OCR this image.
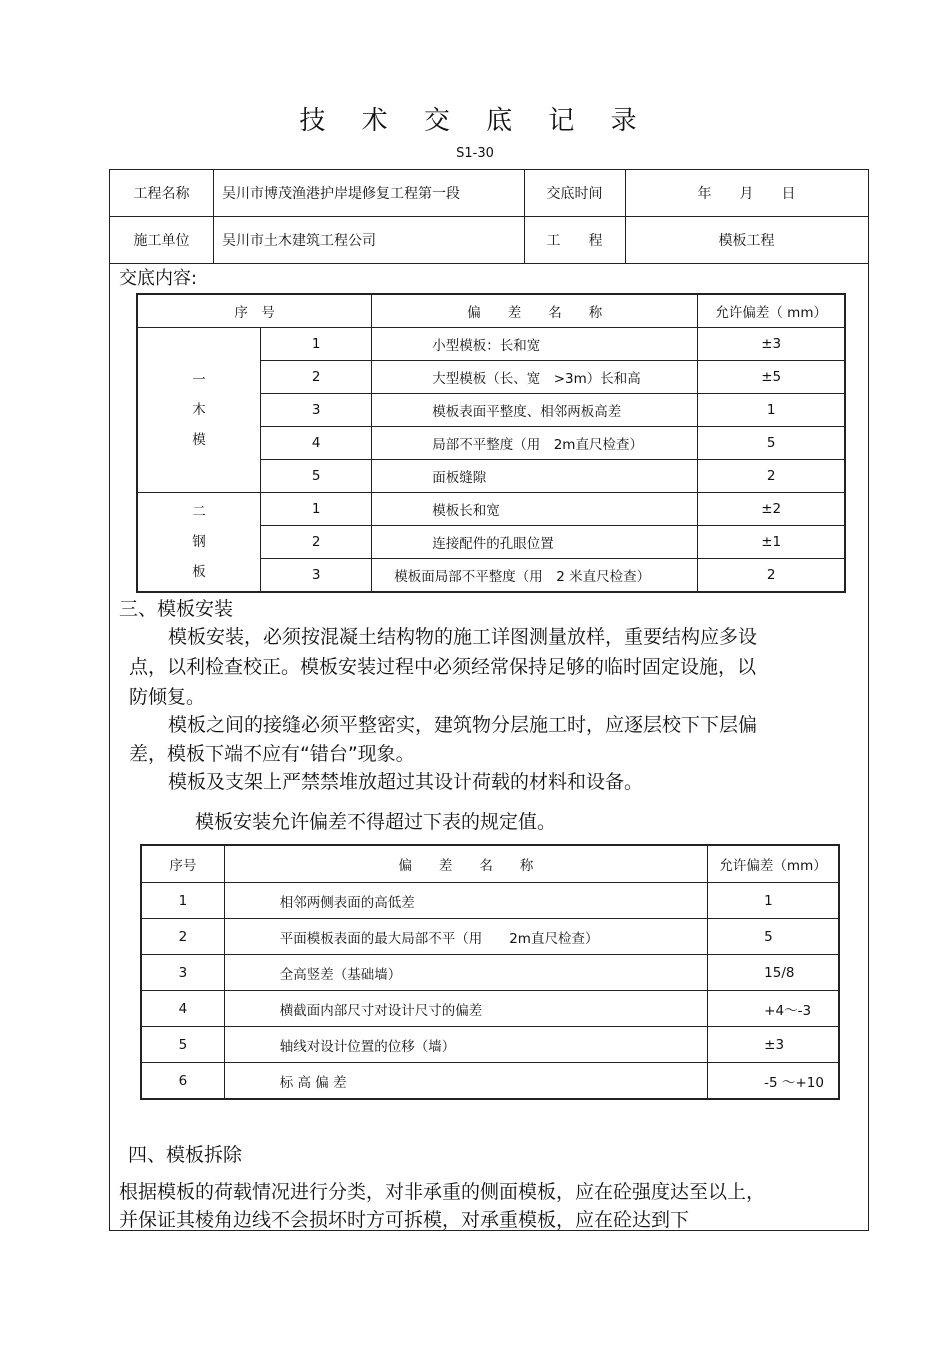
技 术 交 底 记 录
S1-30
工程名称	吴川市博茂渔港护岸堤修复工程第一段	交底时间	年　　月　　日
施工单位	吴川市土木建筑工程公司	工　　程	模板工程
交底内容:
序　号		偏　　差　　名　　称	允许偏差（ mm）

一
木
模	1	小型模板：长和宽	±3
	2	大型模板（长、宽　>3m）长和高	±5
	3	模板表面平整度、相邻两板高差	1
	4	局部不平整度（用　2m直尺检查）	5
	5	面板缝隙	2

二
钢
板	1	模板长和宽	±2
	2	连接配件的孔眼位置	±1
	3	模板面局部不平整度（用　2 米直尺检查）	2
三、模板安装
模板安装，必须按混凝土结构物的施工详图测量放样，重要结构应多设
点，以利检查校正。模板安装过程中必须经常保持足够的临时固定设施，以
防倾复。
模板之间的接缝必须平整密实，建筑物分层施工时，应逐层校下下层偏
差，模板下端不应有“错台”现象。
模板及支架上严禁禁堆放超过其设计荷载的材料和设备。
模板安装允许偏差不得超过下表的规定值。
序号	偏　　差　　名　　称	允许偏差（mm）
1	相邻两侧表面的高低差	1
2	平面模板表面的最大局部不平（用　　2m直尺检查）	5
3	全高竖差（基础墙）	15/8
4	横截面内部尺寸对设计尺寸的偏差	+4～-3
5	轴线对设计位置的位移（墙）	±3
6	标 高 偏 差	-5 ～+10
四、模板拆除
根据模板的荷载情况进行分类，对非承重的侧面模板，应在砼强度达至以上，
并保证其棱角边线不会损坏时方可拆模，对承重模板，应在砼达到下
